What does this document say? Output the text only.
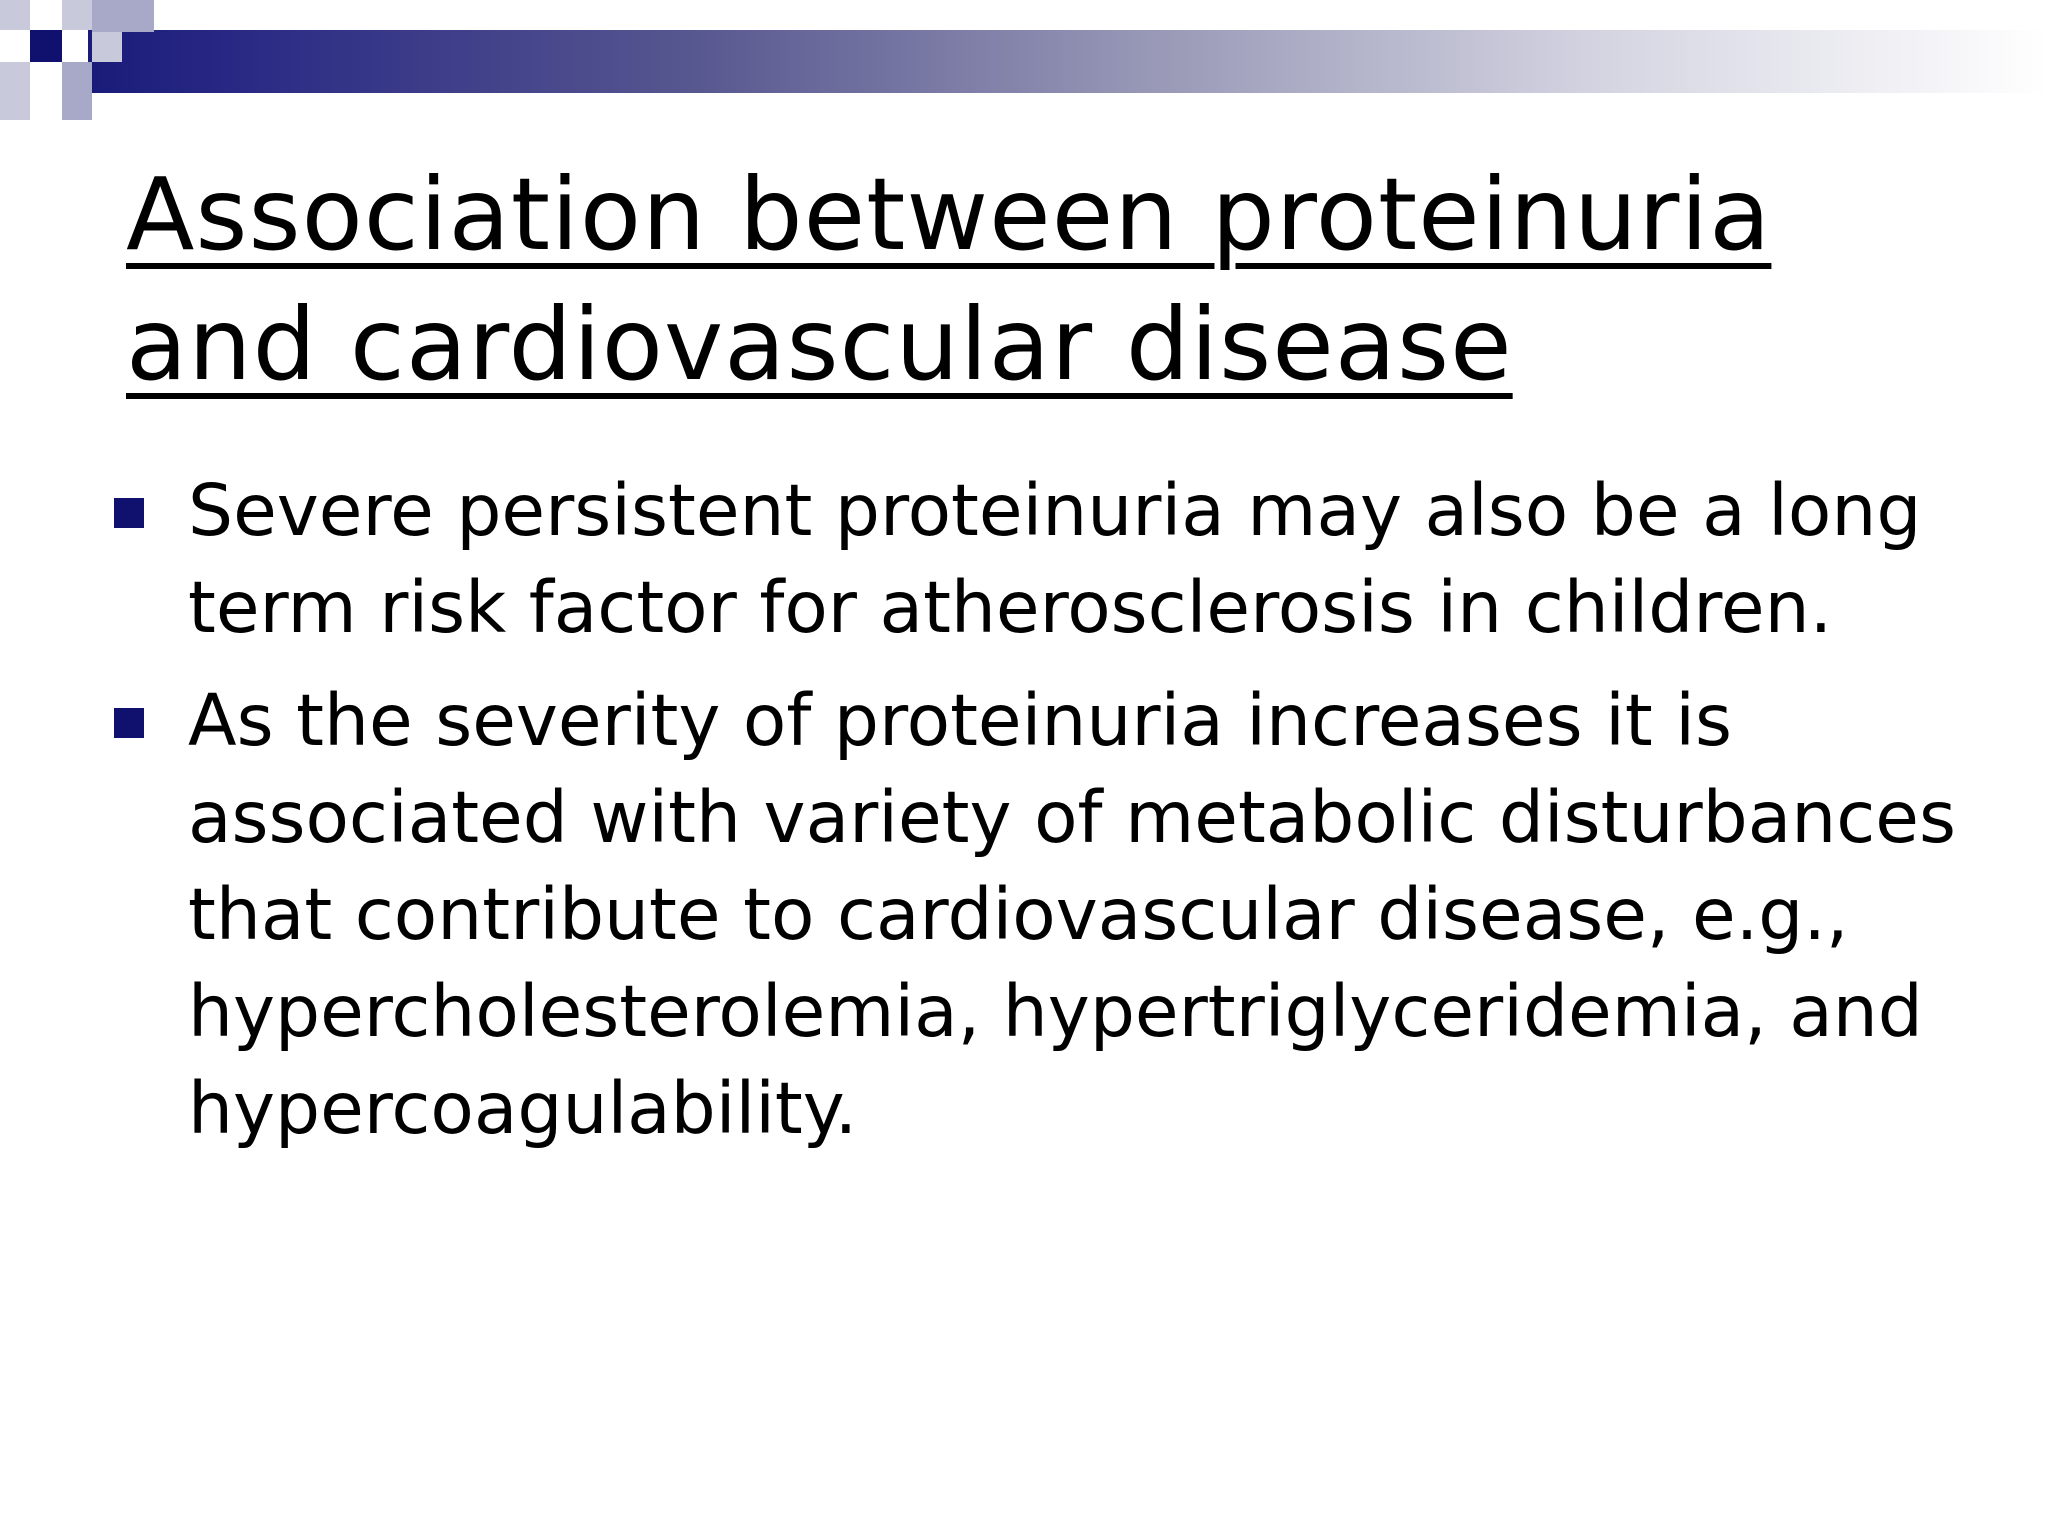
Association between proteinuria and cardiovascular disease
Severe persistent proteinuria may also be a long term risk factor for atherosclerosis in children.
As the severity of proteinuria increases it is associated with variety of metabolic disturbances that contribute to cardiovascular disease, e.g., hypercholesterolemia, hypertriglyceridemia, and hypercoagulability.
